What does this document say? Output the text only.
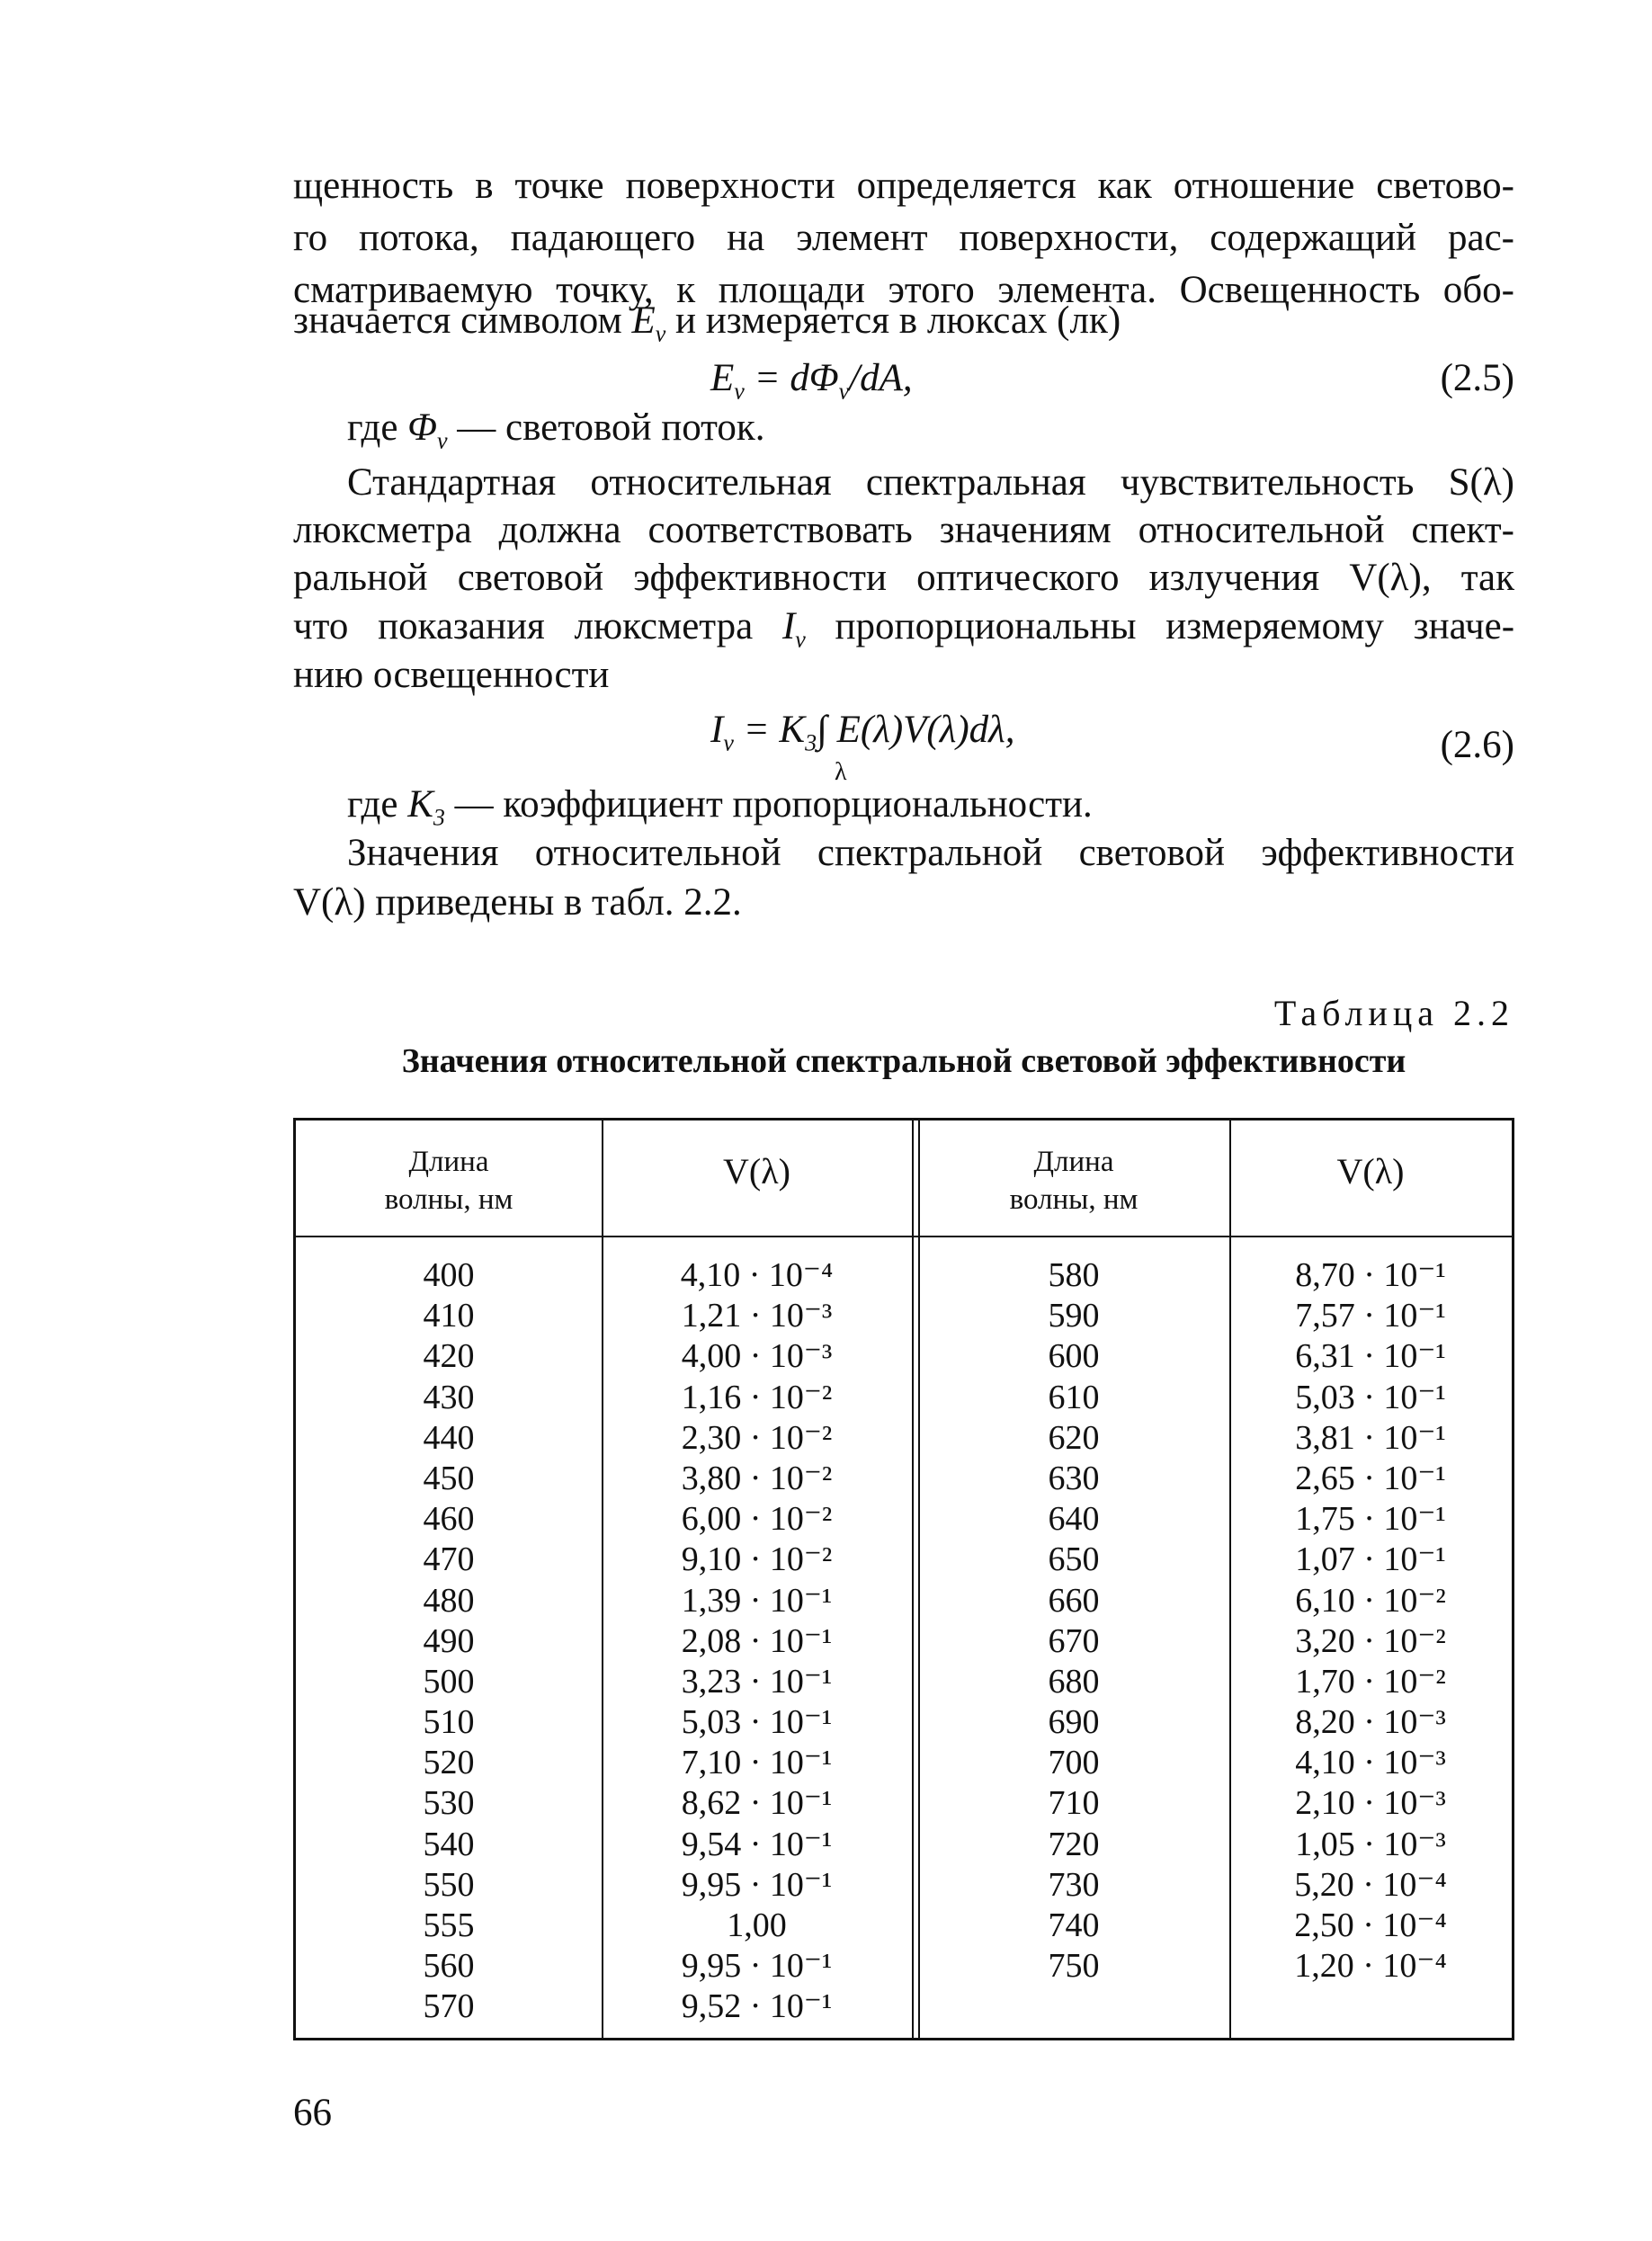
щенность в точке поверхности определяется как отношение светово-
го потока, падающего на элемент поверхности, содержащий рас-
сматриваемую точку, к площади этого элемента. Освещенность обо-
значается символом $E_v$ и измеряется в люксах (лк)
$E_v = d\Phi_v/dA$,	(2.5)
где $\Phi_v$ — световой поток.
Стандартная относительная спектральная чувствительность S(λ)
люксметра должна соответствовать значениям относительной спект-
ральной световой эффективности оптического излучения V(λ), так
что показания люксметра $I_v$ пропорциональны измеряемому значе-
нию освещенности
$I_v = K_3\int$ E(λ)V(λ)dλ,
λ
(2.6)
где $K_3$ — коэффициент пропорциональности.
Значения относительной спектральной световой эффективности
V(λ) приведены в табл. 2.2.
Таблица 2.2
Значения относительной спектральной световой эффективности
Длина
волны, нм
V(λ)	Длина
волны, нм
V(λ)
400
410
420
430
440
450
460
470
480
490
500
510
520
530
540
550
555
560
570
4,10 · 10⁻⁴
1,21 · 10⁻³
4,00 · 10⁻³
1,16 · 10⁻²
2,30 · 10⁻²
3,80 · 10⁻²
6,00 · 10⁻²
9,10 · 10⁻²
1,39 · 10⁻¹
2,08 · 10⁻¹
3,23 · 10⁻¹
5,03 · 10⁻¹
7,10 · 10⁻¹
8,62 · 10⁻¹
9,54 · 10⁻¹
9,95 · 10⁻¹
1,00
9,95 · 10⁻¹
9,52 · 10⁻¹
580
590
600
610
620
630
640
650
660
670
680
690
700
710
720
730
740
750
8,70 · 10⁻¹
7,57 · 10⁻¹
6,31 · 10⁻¹
5,03 · 10⁻¹
3,81 · 10⁻¹
2,65 · 10⁻¹
1,75 · 10⁻¹
1,07 · 10⁻¹
6,10 · 10⁻²
3,20 · 10⁻²
1,70 · 10⁻²
8,20 · 10⁻³
4,10 · 10⁻³
2,10 · 10⁻³
1,05 · 10⁻³
5,20 · 10⁻⁴
2,50 · 10⁻⁴
1,20 · 10⁻⁴
66
